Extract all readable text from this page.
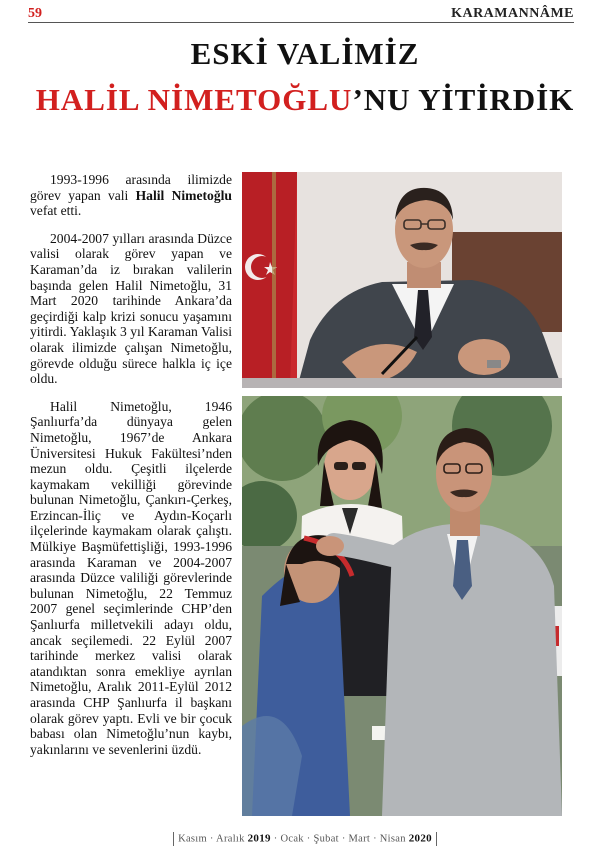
59	KARAMANNÂME
ESKİ VALİMİZ
HALİL NİMETOĞLU’NU YİTİRDİK

1993-1996 arasında ilimizde görev yapan vali Halil Nimetoğlu vefat etti.

2004-2007 yılları arasında Düzce valisi olarak görev yapan ve Karaman’da iz bırakan valilerin başında gelen Halil Nimetoğlu, 31 Mart 2020 tarihinde Ankara’da geçirdiği kalp krizi sonucu yaşamını yitirdi. Yaklaşık 3 yıl Karaman Valisi olarak ilimizde çalışan Nimetoğlu, görevde olduğu sürece halkla iç içe oldu.

Halil Nimetoğlu, 1946 Şanlıurfa’da dünyaya gelen Nimetoğlu, 1967’de Ankara Üniversitesi Hukuk Fakültesi’nden mezun oldu. Çeşitli ilçelerde kaymakam vekilliği görevinde bulunan Nimetoğlu, Çankırı-Çerkeş, Erzincan-İliç ve Aydın-Koçarlı ilçelerinde kaymakam olarak çalıştı. Mülkiye Başmüfettişliği, 1993-1996 arasında Karaman ve 2004-2007 arasında Düzce valiliği görevlerinde bulunan Nimetoğlu, 22 Temmuz 2007 genel seçimlerinde CHP’den Şanlıurfa milletvekili adayı oldu, ancak seçilemedi. 22 Eylül 2007 tarihinde merkez valisi olarak atandıktan sonra emekliye ayrılan Nimetoğlu, Aralık 2011-Eylül 2012 arasında CHP Şanlıurfa il başkanı olarak görev yaptı. Evli ve bir çocuk babası olan Nimetoğlu’nun kaybı, yakınlarını ve sevenlerini üzdü.

Kasım · Aralık 2019 · Ocak · Şubat · Mart · Nisan 2020
